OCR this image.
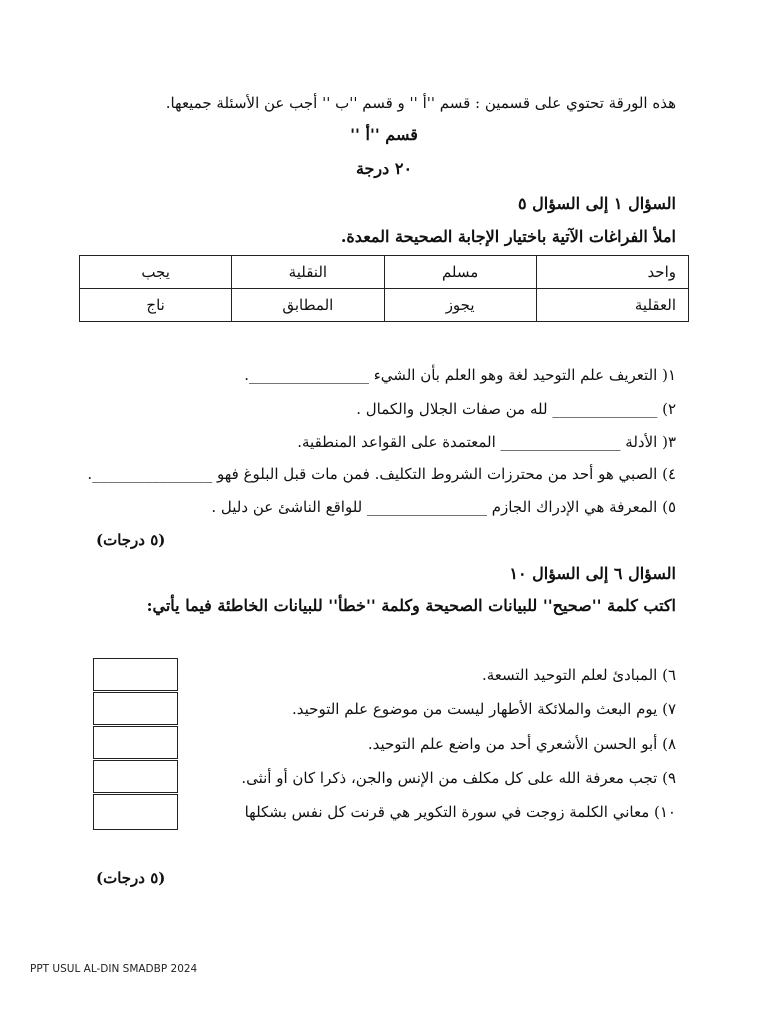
هذه الورقة تحتوي على قسمين : قسم ''أ '' و قسم ''ب '' أجب عن الأسئلة جميعها.
قسم ''أ ''
٢٠ درجة
السؤال ١ إلى السؤال ٥
املأ الفراغات الآتية باختيار الإجابة الصحيحة المعدة.
واحد	مسلم	النقلية	يجب
العقلية	يجوز	المطابق	ناج
١( التعريف علم التوحيد لغة وهو العلم بأن الشيء ________________.
٢) ______________ لله من صفات الجلال والكمال .
٣( الأدلة ________________ المعتمدة على القواعد المنطقية.
٤) الصبي هو أحد من محترزات الشروط التكليف. فمن مات قبل البلوغ فهو ________________.
٥) المعرفة هي الإدراك الجازم ________________ للواقع الناشئ عن دليل .
(٥ درجات)
السؤال ٦ إلى السؤال ١٠
اكتب كلمة ''صحيح'' للبيانات الصحيحة وكلمة ''خطأ'' للبيانات الخاطئة فيما يأتي:
٦) المبادئ لعلم التوحيد التسعة.
٧) يوم البعث والملائكة الأطهار ليست من موضوع علم التوحيد.
٨) أبو الحسن الأشعري أحد من واضع علم التوحيد.
٩) تجب معرفة الله على كل مكلف من الإنس والجن، ذكرا كان أو أنثى.
١٠) معاني الكلمة زوجت في سورة التكوير هي قرنت كل نفس بشكلها
(٥ درجات)
PPT USUL AL-DIN SMADBP 2024
